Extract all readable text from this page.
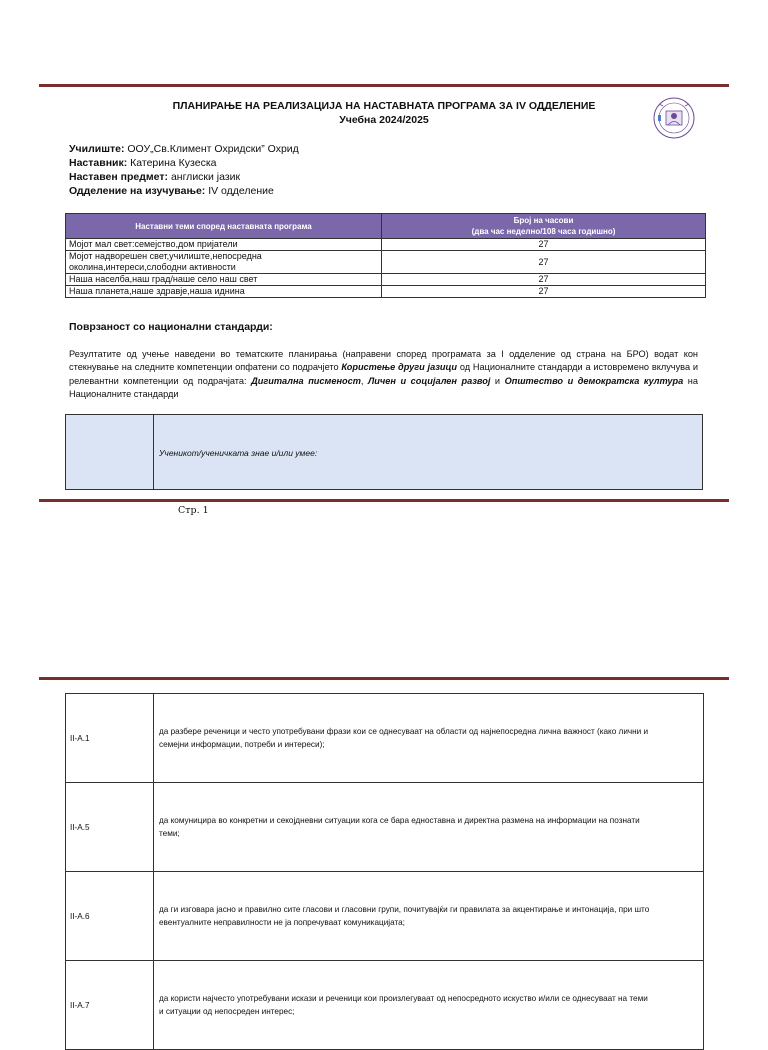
ПЛАНИРАЊЕ НА РЕАЛИЗАЦИЈА НА НАСТАВНАТА ПРОГРАМА ЗА IV ОДДЕЛЕНИЕ
Учебна 2024/2025
Училиште: ООУ„Св.Климент Охридски” Охрид
Наставник: Катерина Кузеска
Наставен предмет: англиски јазик
Одделение на изучување: IV одделение
Наставни теми според наставната програма	Број на часови
(два час неделно/108 часа годишно)

Мојот мал свет:семејство,дом пријатели	27

Мојот надворешен свет,училиште,непосредна
околина,интереси,слободни активности	27

Наша населба,наш град/наше село наш свет	27

Наша планета,наше здравје,наша иднина	27
Поврзаност со национални стандарди:
Резултатите од учење наведени во тематските планирања (направени според програмата за I одделение од страна на БРО) водат кон стекнување на следните компетенции опфатени со подрачјето Користење други јазици од Националните стандарди а истовремено вклучува и релевантни компетенции од подрачјата: Дигитална писменост, Личен и социјален развој и Општество и демократска култура на Националните стандарди
Ученикот/ученичката знае и/или умее:
Стр. 1
II-А.1	да разбере реченици и често употребувани фрази кои се однесуваат на области од најнепосредна лична важност (како лични и
семејни информации, потреби и интереси);

II-А.5	да комуницира во конкретни и секојдневни ситуации кога се бара едноставна и директна размена на информации на познати
теми;

II-А.6	да ги изговара јасно и правилно сите гласови и гласовни групи, почитувајќи ги правилата за акцентирање и интонација, при што
евентуалните неправилности не ја попречуваат комуникацијата;

II-А.7	да користи најчесто употребувани искази и реченици кои произлегуваат од непосредното искуство и/или се однесуваат на теми
и ситуации од непосреден интерес;
